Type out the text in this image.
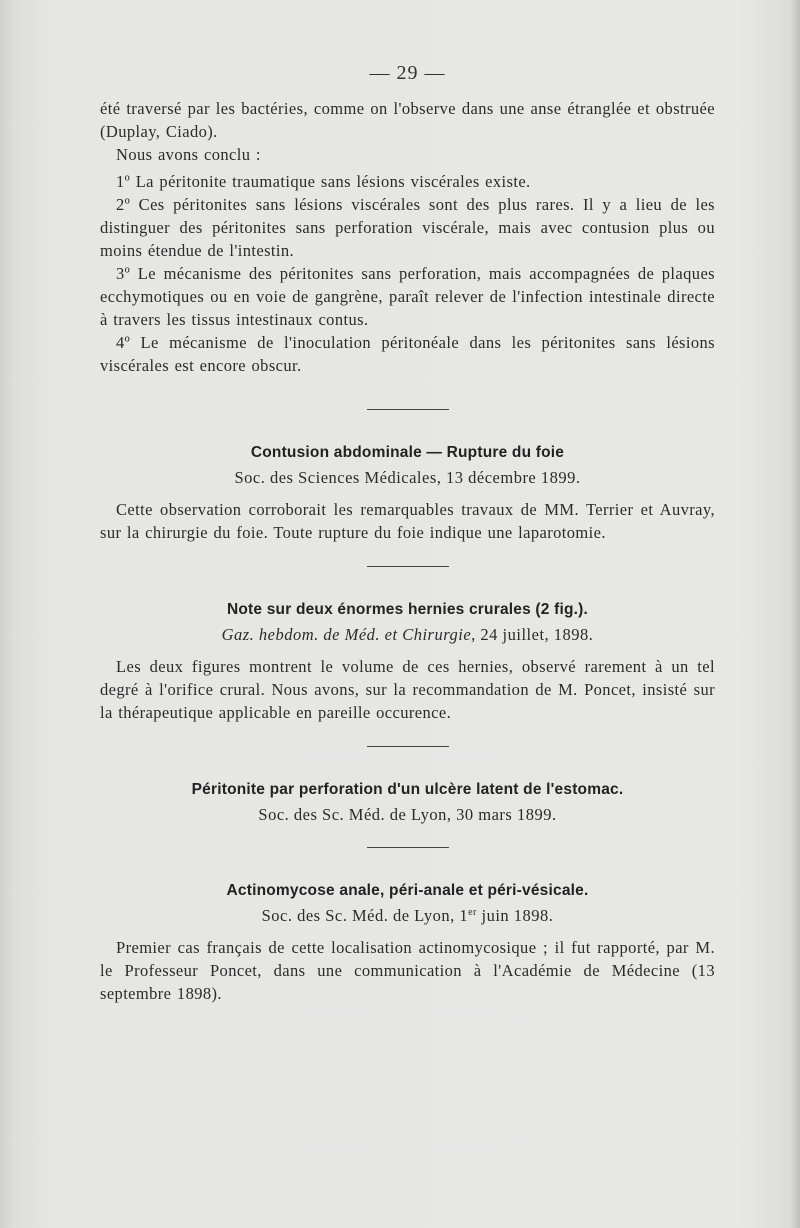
— 29 —

été traversé par les bactéries, comme on l'observe dans une anse étranglée et obstruée (Duplay, Ciado).

Nous avons conclu :

1º La péritonite traumatique sans lésions viscérales existe.

2º Ces péritonites sans lésions viscérales sont des plus rares. Il y a lieu de les distinguer des péritonites sans perforation viscérale, mais avec contusion plus ou moins étendue de l'intestin.

3º Le mécanisme des péritonites sans perforation, mais accompagnées de plaques ecchymotiques ou en voie de gangrène, paraît relever de l'infection intestinale directe à travers les tissus intestinaux contus.

4º Le mécanisme de l'inoculation péritonéale dans les péritonites sans lésions viscérales est encore obscur.

Contusion abdominale — Rupture du foie
Soc. des Sciences Médicales, 13 décembre 1899.

Cette observation corroborait les remarquables travaux de MM. Terrier et Auvray, sur la chirurgie du foie. Toute rupture du foie indique une laparotomie.

Note sur deux énormes hernies crurales (2 fig.).
Gaz. hebdom. de Méd. et Chirurgie, 24 juillet, 1898.

Les deux figures montrent le volume de ces hernies, observé rarement à un tel degré à l'orifice crural. Nous avons, sur la recommandation de M. Poncet, insisté sur la thérapeutique applicable en pareille occurence.

Péritonite par perforation d'un ulcère latent de l'estomac.
Soc. des Sc. Méd. de Lyon, 30 mars 1899.
Actinomycose anale, péri-anale et péri-vésicale.
Soc. des Sc. Méd. de Lyon, 1er juin 1898.

Premier cas français de cette localisation actinomycosique ; il fut rapporté, par M. le Professeur Poncet, dans une communication à l'Académie de Médecine (13 septembre 1898).
